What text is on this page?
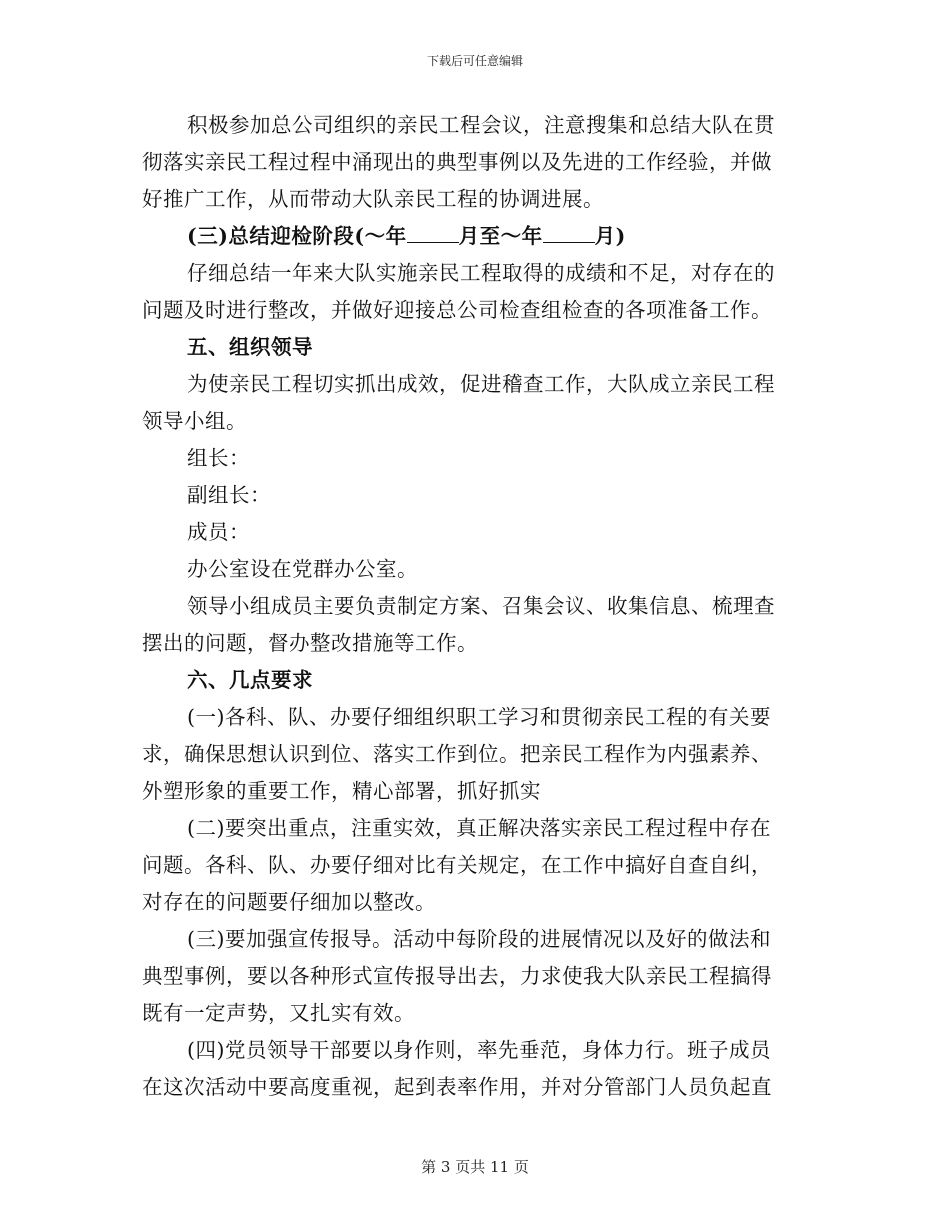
下载后可任意编辑
积极参加总公司组织的亲民工程会议，注意搜集和总结大队在贯
彻落实亲民工程过程中涌现出的典型事例以及先进的工作经验，并做
好推广工作，从而带动大队亲民工程的协调进展。
(三)总结迎检阶段(～年	月至～年	月)
仔细总结一年来大队实施亲民工程取得的成绩和不足，对存在的
问题及时进行整改，并做好迎接总公司检查组检查的各项准备工作。
五、组织领导
为使亲民工程切实抓出成效，促进稽查工作，大队成立亲民工程
领导小组。
组长：
副组长：
成员：
办公室设在党群办公室。
领导小组成员主要负责制定方案、召集会议、收集信息、梳理查
摆出的问题，督办整改措施等工作。
六、几点要求
(一)各科、队、办要仔细组织职工学习和贯彻亲民工程的有关要
求，确保思想认识到位、落实工作到位。把亲民工程作为内强素养、
外塑形象的重要工作，精心部署，抓好抓实
(二)要突出重点，注重实效，真正解决落实亲民工程过程中存在
问题。各科、队、办要仔细对比有关规定，在工作中搞好自查自纠，
对存在的问题要仔细加以整改。
(三)要加强宣传报导。活动中每阶段的进展情况以及好的做法和
典型事例，要以各种形式宣传报导出去，力求使我大队亲民工程搞得
既有一定声势，又扎实有效。
(四)党员领导干部要以身作则，率先垂范，身体力行。班子成员
在这次活动中要高度重视，起到表率作用，并对分管部门人员负起直
第 3 页共 11 页
